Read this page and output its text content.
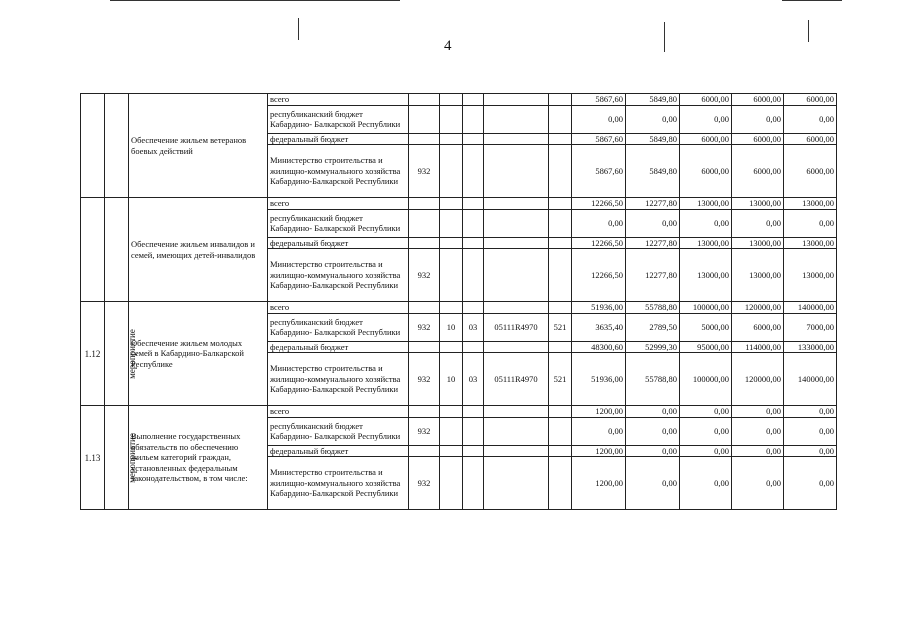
4
		Обеспечение жильем ветеранов боевых действий	всего						5867,60	5849,80	6000,00	6000,00	6000,00
			республиканский бюджет Кабардино- Балкарской Республики						0,00	0,00	0,00	0,00	0,00
			федеральный бюджет						5867,60	5849,80	6000,00	6000,00	6000,00
			Министерство строительства и жилищно-коммунального хозяйства Кабардино-Балкарской Республики	932					5867,60	5849,80	6000,00	6000,00	6000,00
		Обеспечение жильем инвалидов и семей, имеющих детей-инвалидов	всего						12266,50	12277,80	13000,00	13000,00	13000,00
			республиканский бюджет Кабардино- Балкарской Республики						0,00	0,00	0,00	0,00	0,00
			федеральный бюджет						12266,50	12277,80	13000,00	13000,00	13000,00
			Министерство строительства и жилищно-коммунального хозяйства Кабардино-Балкарской Республики	932					12266,50	12277,80	13000,00	13000,00	13000,00
1.12	мероприятие	Обеспечение жильем молодых семей в Кабардино-Балкарской Республике	всего						51936,00	55788,80	100000,00	120000,00	140000,00
			республиканский бюджет Кабардино- Балкарской Республики	932	10	03	05111R4970	521	3635,40	2789,50	5000,00	6000,00	7000,00
			федеральный бюджет						48300,60	52999,30	95000,00	114000,00	133000,00
			Министерство строительства и жилищно-коммунального хозяйства Кабардино-Балкарской Республики	932	10	03	05111R4970	521	51936,00	55788,80	100000,00	120000,00	140000,00
1.13	мероприятие	Выполнение государственных обязательств по обеспечению жильем категорий граждан, установленных федеральным законодательством, в том числе:	всего						1200,00	0,00	0,00	0,00	0,00
			республиканский бюджет Кабардино- Балкарской Республики	932					0,00	0,00	0,00	0,00	0,00
			федеральный бюджет						1200,00	0,00	0,00	0,00	0,00
			Министерство строительства и жилищно-коммунального хозяйства Кабардино-Балкарской Республики	932					1200,00	0,00	0,00	0,00	0,00
